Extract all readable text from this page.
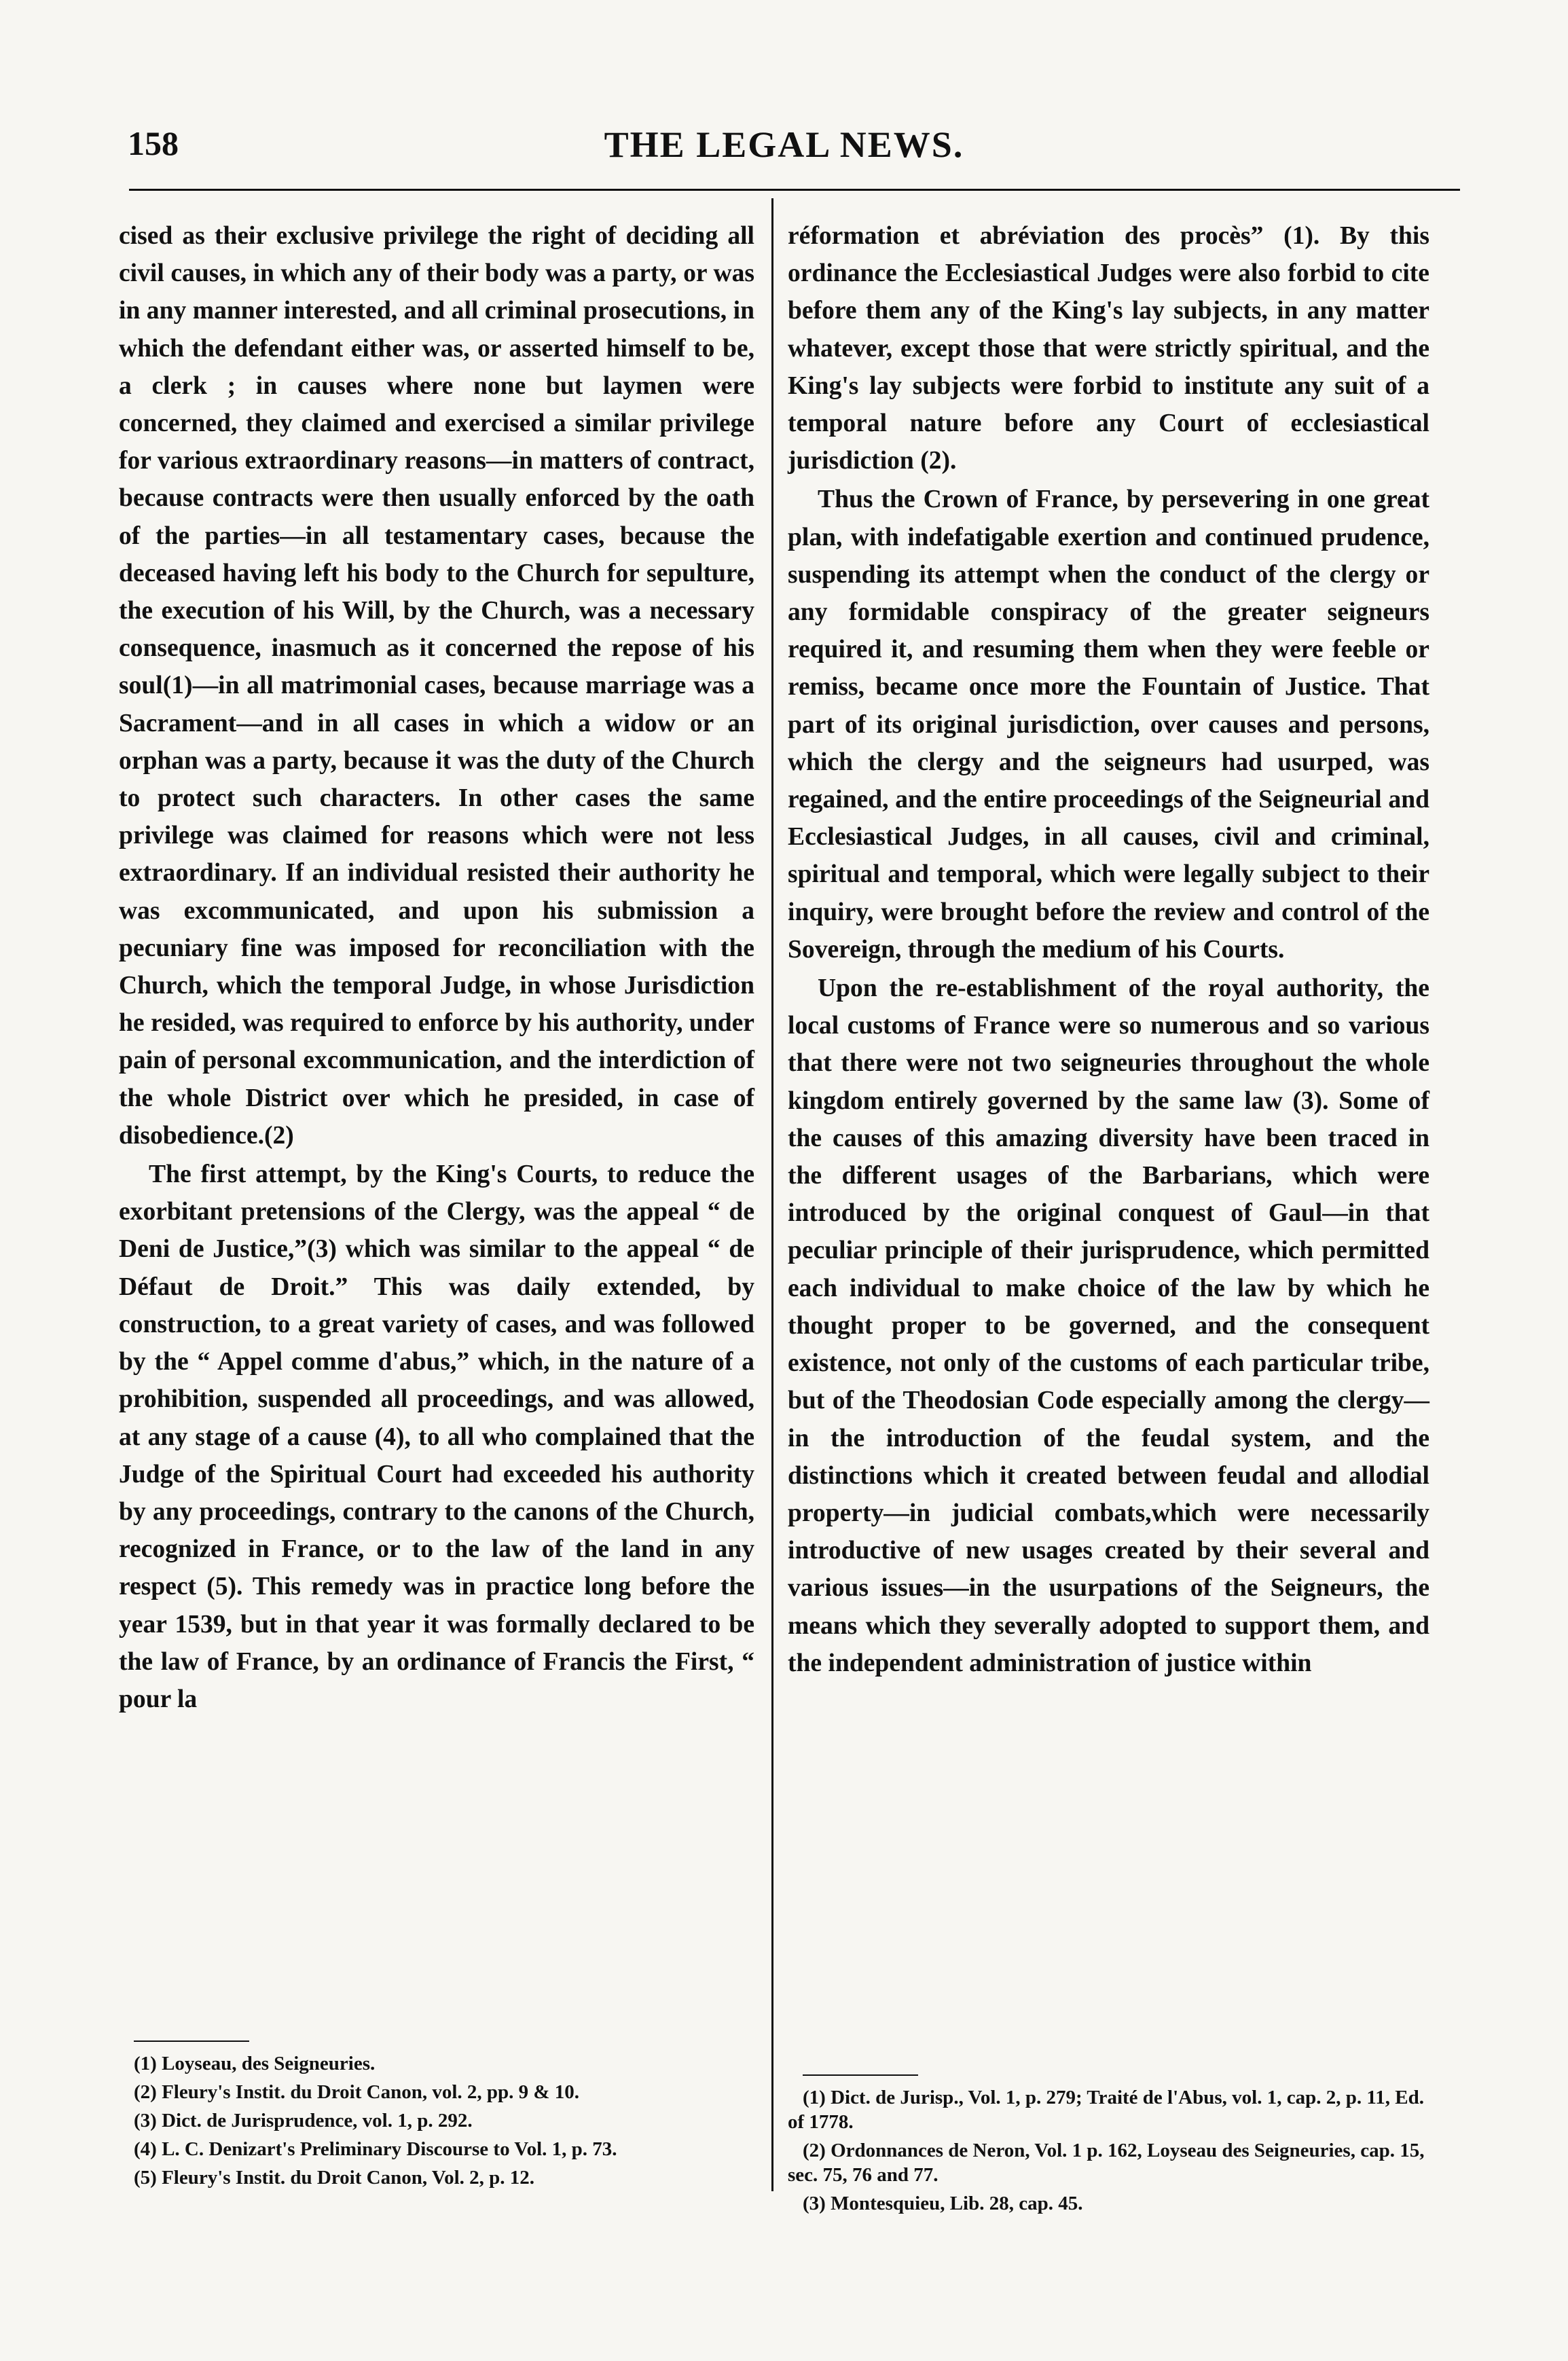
158	THE LEGAL NEWS.

cised as their exclusive privilege the right of deciding all civil causes, in which any of their body was a party, or was in any manner interested, and all criminal prosecutions, in which the defendant either was, or asserted himself to be, a clerk ; in causes where none but laymen were concerned, they claimed and exercised a similar privilege for various extraordinary reasons—in matters of contract, because contracts were then usually enforced by the oath of the parties—in all testamentary cases, because the deceased having left his body to the Church for sepulture, the execution of his Will, by the Church, was a necessary consequence, inasmuch as it concerned the repose of his soul(1)—in all matrimonial cases, because marriage was a Sacrament—and in all cases in which a widow or an orphan was a party, because it was the duty of the Church to protect such characters. In other cases the same privilege was claimed for reasons which were not less extraordinary. If an individual resisted their authority he was excommunicated, and upon his submission a pecuniary fine was imposed for reconciliation with the Church, which the temporal Judge, in whose Jurisdiction he resided, was required to enforce by his authority, under pain of personal excommunication, and the interdiction of the whole District over which he presided, in case of disobedience.(2)

The first attempt, by the King's Courts, to reduce the exorbitant pretensions of the Clergy, was the appeal “ de Deni de Justice,”(3) which was similar to the appeal “ de Défaut de Droit.” This was daily extended, by construction, to a great variety of cases, and was followed by the “ Appel comme d'abus,” which, in the nature of a prohibition, suspended all proceedings, and was allowed, at any stage of a cause (4), to all who complained that the Judge of the Spiritual Court had exceeded his authority by any proceedings, contrary to the canons of the Church, recognized in France, or to the law of the land in any respect (5). This remedy was in practice long before the year 1539, but in that year it was formally declared to be the law of France, by an ordinance of Francis the First, “ pour la

réformation et abréviation des procès” (1). By this ordinance the Ecclesiastical Judges were also forbid to cite before them any of the King's lay subjects, in any matter whatever, except those that were strictly spiritual, and the King's lay subjects were forbid to institute any suit of a temporal nature before any Court of ecclesiastical jurisdiction (2).

Thus the Crown of France, by persevering in one great plan, with indefatigable exertion and continued prudence, suspending its attempt when the conduct of the clergy or any formidable conspiracy of the greater seigneurs required it, and resuming them when they were feeble or remiss, became once more the Fountain of Justice. That part of its original jurisdiction, over causes and persons, which the clergy and the seigneurs had usurped, was regained, and the entire proceedings of the Seigneurial and Ecclesiastical Judges, in all causes, civil and criminal, spiritual and temporal, which were legally subject to their inquiry, were brought before the review and control of the Sovereign, through the medium of his Courts.

Upon the re-establishment of the royal authority, the local customs of France were so numerous and so various that there were not two seigneuries throughout the whole kingdom entirely governed by the same law (3). Some of the causes of this amazing diversity have been traced in the different usages of the Barbarians, which were introduced by the original conquest of Gaul—in that peculiar principle of their jurisprudence, which permitted each individual to make choice of the law by which he thought proper to be governed, and the consequent existence, not only of the customs of each particular tribe, but of the Theodosian Code especially among the clergy—in the introduction of the feudal system, and the distinctions which it created between feudal and allodial property—in judicial combats,which were necessarily introductive of new usages created by their several and various issues—in the usurpations of the Seigneurs, the means which they severally adopted to support them, and the independent administration of justice within

(1) Loyseau, des Seigneuries.

(2) Fleury's Instit. du Droit Canon, vol. 2, pp. 9 & 10.

(3) Dict. de Jurisprudence, vol. 1, p. 292.

(4) L. C. Denizart's Preliminary Discourse to Vol. 1, p. 73.

(5) Fleury's Instit. du Droit Canon, Vol. 2, p. 12.

(1) Dict. de Jurisp., Vol. 1, p. 279; Traité de l'Abus, vol. 1, cap. 2, p. 11, Ed. of 1778.

(2) Ordonnances de Neron, Vol. 1 p. 162, Loyseau des Seigneuries, cap. 15, sec. 75, 76 and 77.

(3) Montesquieu, Lib. 28, cap. 45.
